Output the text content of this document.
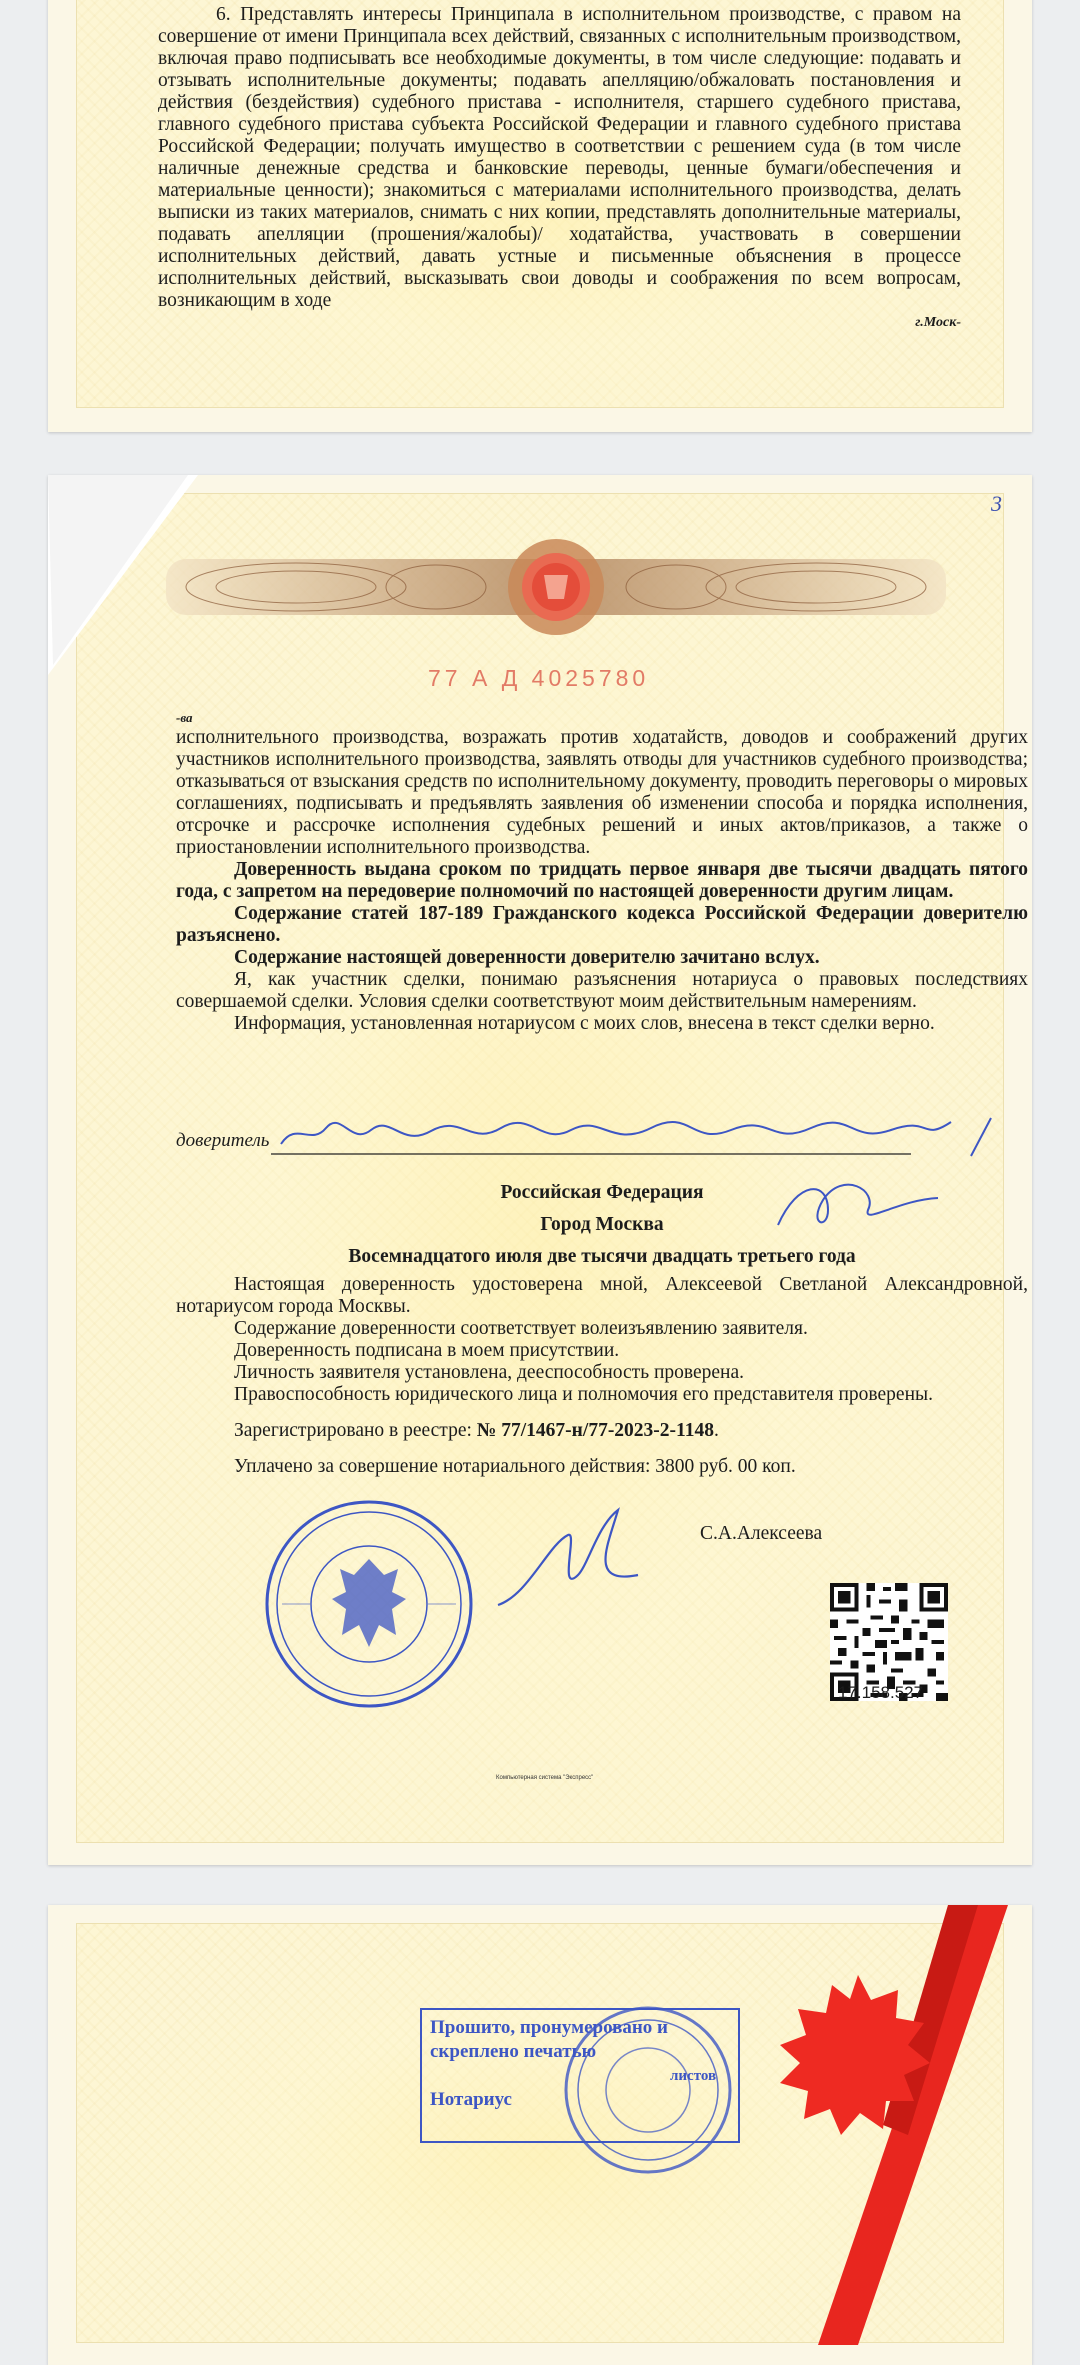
6. Представлять интересы Принципала в исполнительном производстве, с правом на совершение от имени Принципала всех действий, связанных с исполнительным производством, включая право подписывать все необходимые документы, в том числе следующие: подавать и отзывать исполнительные документы; подавать апелляцию/обжаловать постановления и действия (бездействия) судебного пристава - исполнителя, старшего судебного пристава, главного судебного пристава субъекта Российской Федерации и главного судебного пристава Российской Федерации; получать имущество в соответствии с решением суда (в том числе наличные денежные средства и банковские переводы, ценные бумаги/обеспечения и материальные ценности); знакомиться с материалами исполнительного производства, делать выписки из таких материалов, снимать с них копии, представлять дополнительные материалы, подавать апелляции (прошения/жалобы)/ ходатайства, участвовать в совершении исполнительных действий, давать устные и письменные объяснения в процессе исполнительных действий, высказывать свои доводы и соображения по всем вопросам, возникающим в ходе

г.Моск-

3
77 А Д 4025780
-ва

исполнительного производства, возражать против ходатайств, доводов и соображений других участников исполнительного производства, заявлять отводы для участников судебного производства; отказываться от взыскания средств по исполнительному документу, проводить переговоры о мировых соглашениях, подписывать и предъявлять заявления об изменении способа и порядка исполнения, отсрочке и рассрочке исполнения судебных решений и иных актов/приказов, а также о приостановлении исполнительного производства.

Доверенность выдана сроком по тридцать первое января две тысячи двадцать пятого года, с запретом на передоверие полномочий по настоящей доверенности другим лицам.

Содержание статей 187-189 Гражданского кодекса Российской Федерации доверителю разъяснено.

Содержание настоящей доверенности доверителю зачитано вслух.

Я, как участник сделки, понимаю разъяснения нотариуса о правовых последствиях совершаемой сделки. Условия сделки соответствуют моим действительным намерениям.

Информация, установленная нотариусом с моих слов, внесена в текст сделки верно.

доверитель

Российская Федерация

Город Москва

Восемнадцатого июля две тысячи двадцать третьего года

Настоящая доверенность удостоверена мной, Алексеевой Светланой Александровной, нотариусом города Москвы.

Содержание доверенности соответствует волеизъявлению заявителя.

Доверенность подписана в моем присутствии.

Личность заявителя установлена, дееспособность проверена.

Правоспособность юридического лица и полномочия его представителя проверены.

Зарегистрировано в реестре: № 77/1467-н/77-2023-2-1148.

Уплачено за совершение нотариального действия: 3800 руб. 00 коп.

С.А.Алексеева
17.158.527
Компьютерная система "Экспресс"
Прошито, пронумеровано и
скреплено печатью
листов
Нотариус
